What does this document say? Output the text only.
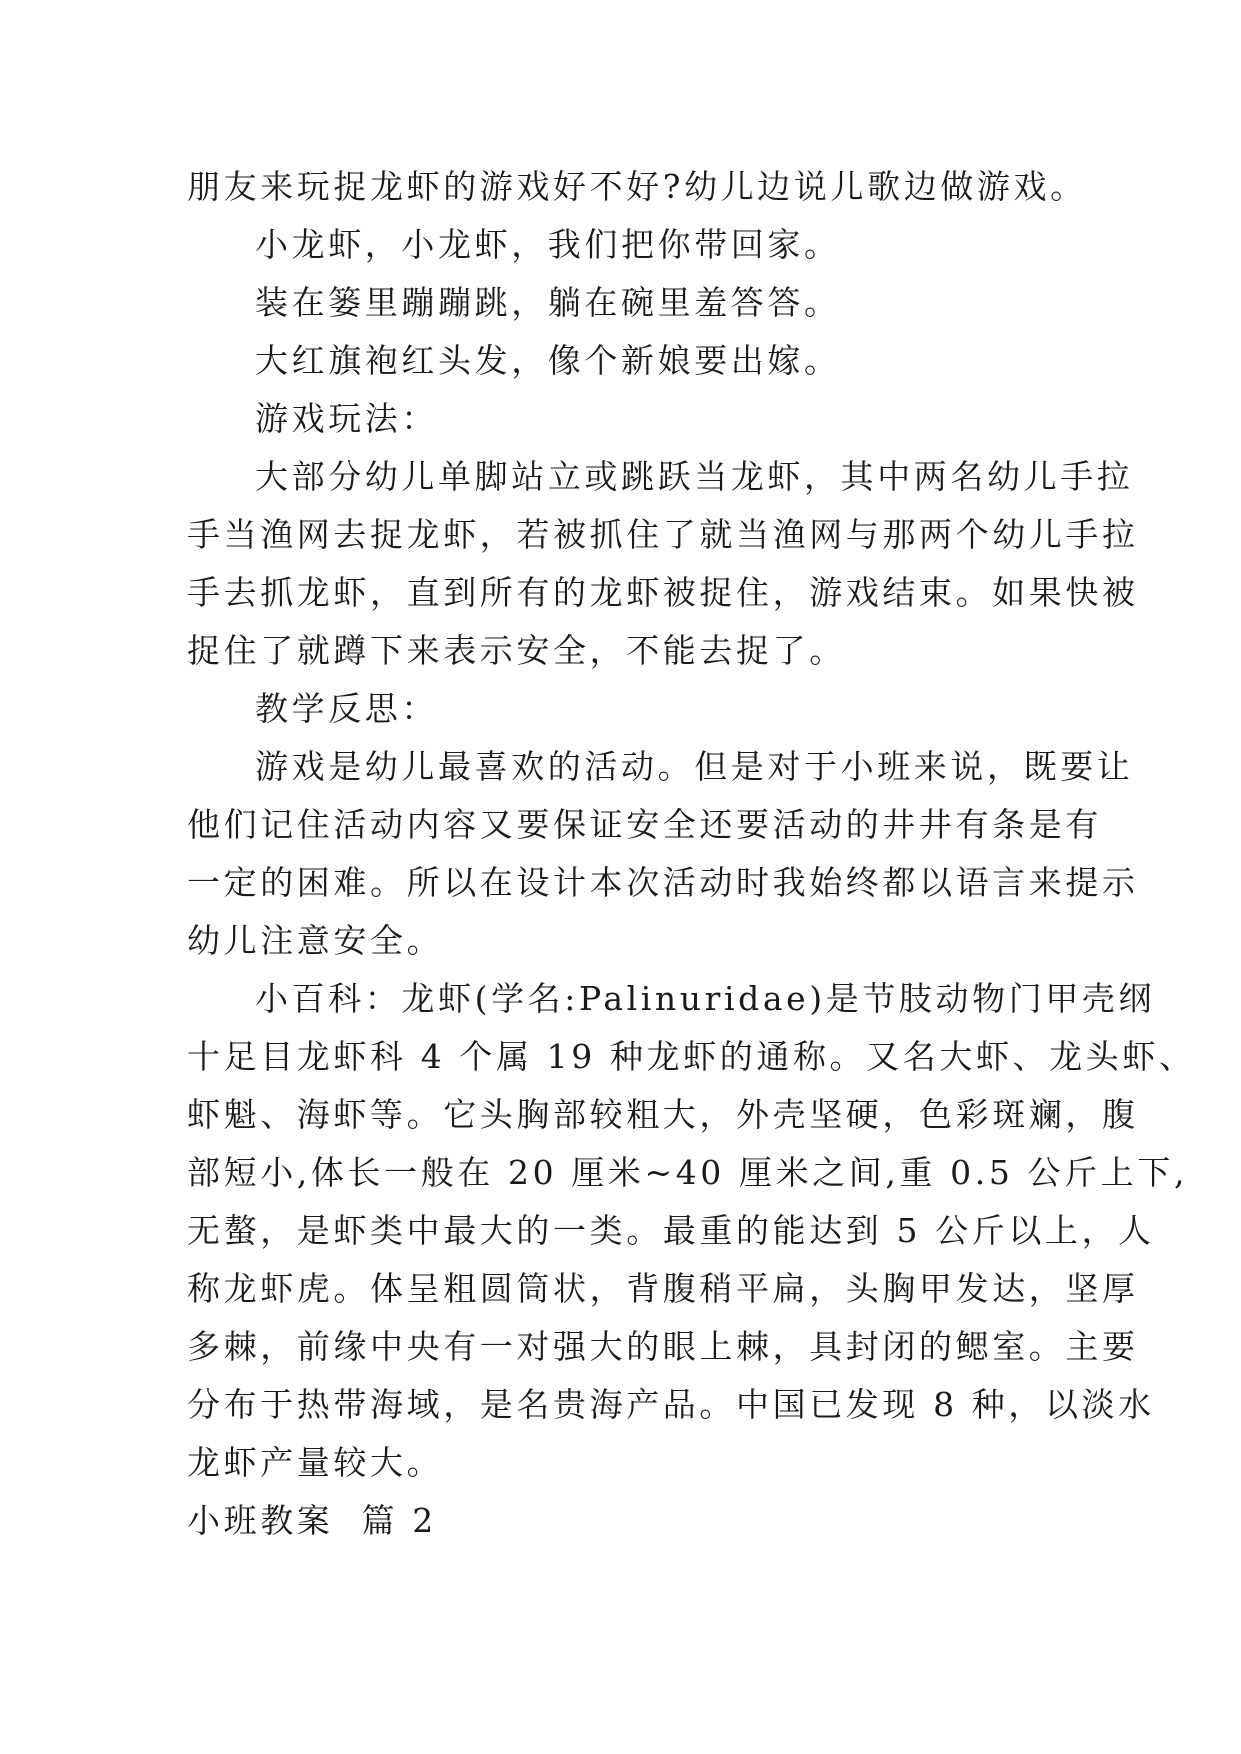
朋友来玩捉龙虾的游戏好不好?幼儿边说儿歌边做游戏。
小龙虾，小龙虾，我们把你带回家。
装在篓里蹦蹦跳，躺在碗里羞答答。
大红旗袍红头发，像个新娘要出嫁。
游戏玩法：
大部分幼儿单脚站立或跳跃当龙虾，其中两名幼儿手拉
手当渔网去捉龙虾，若被抓住了就当渔网与那两个幼儿手拉
手去抓龙虾，直到所有的龙虾被捉住，游戏结束。如果快被
捉住了就蹲下来表示安全，不能去捉了。
教学反思：
游戏是幼儿最喜欢的活动。但是对于小班来说，既要让
他们记住活动内容又要保证安全还要活动的井井有条是有
一定的困难。所以在设计本次活动时我始终都以语言来提示
幼儿注意安全。
小百科：龙虾(学名:Palinuridae)是节肢动物门甲壳纲
十足目龙虾科 4 个属 19 种龙虾的通称。又名大虾、龙头虾、
虾魁、海虾等。它头胸部较粗大，外壳坚硬，色彩斑斓，腹
部短小,体长一般在 20 厘米~40 厘米之间,重 0.5 公斤上下,
无螯，是虾类中最大的一类。最重的能达到 5 公斤以上，人
称龙虾虎。体呈粗圆筒状，背腹稍平扁，头胸甲发达，坚厚
多棘，前缘中央有一对强大的眼上棘，具封闭的鳃室。主要
分布于热带海域，是名贵海产品。中国已发现 8 种，以淡水
龙虾产量较大。
小班教案  篇 2
